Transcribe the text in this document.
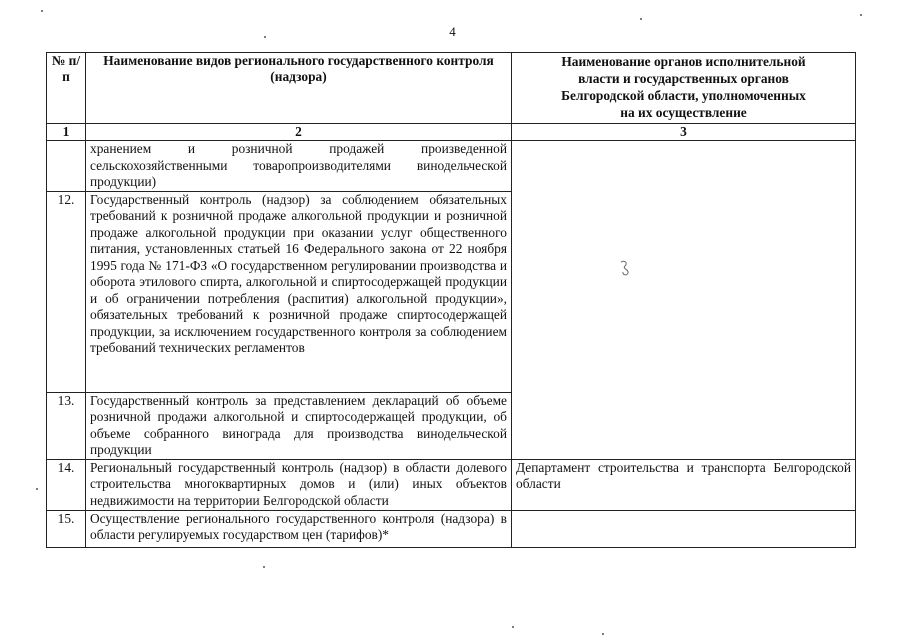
4
№ п/п	Наименование видов регионального государственного контроля (надзора)	Наименование органов исполнительной
власти и государственных органов
Белгородской области, уполномоченных
на их осуществление

1	2	3
	хранением и розничной продажей произведенной сельскохозяйственными товаропроизводителями винодельческой продукции)	
12.	Государственный контроль (надзор) за соблюдением обязательных требований к розничной продаже алкогольной продукции и розничной продаже алкогольной продукции при оказании услуг общественного питания, установленных статьей 16 Федерального закона от 22 ноября 1995 года № 171-ФЗ «О государственном регулировании производства и оборота этилового спирта, алкогольной и спиртосодержащей продукции и об ограничении потребления (распития) алкогольной продукции», обязательных требований к розничной продаже спиртосодержащей продукции, за исключением государственного контроля за соблюдением требований технических регламентов	
13.	Государственный контроль за представлением деклараций об объеме розничной продажи алкогольной и спиртосодержащей продукции, об объеме собранного винограда для производства винодельческой продукции	
14.	Региональный государственный контроль (надзор) в области долевого строительства многоквартирных домов и (или) иных объектов недвижимости на территории Белгородской области	Департамент строительства и транспорта Белгородской области
15.	Осуществление регионального государственного контроля (надзора) в области регулируемых государством цен (тарифов)*	
